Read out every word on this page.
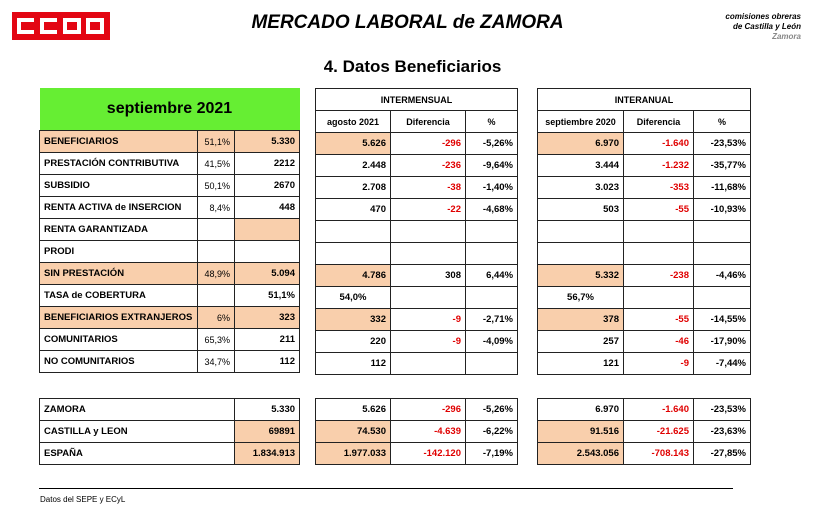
MERCADO LABORAL de ZAMORA	comisiones obreras
de Castilla y León
Zamora
4. Datos Beneficiarios
septiembre 2021		
BENEFICIARIOS	51,1%	5.330
PRESTACIÓN CONTRIBUTIVA	41,5%	2212
SUBSIDIO	50,1%	2670
RENTA ACTIVA de INSERCION	8,4%	448
RENTA GARANTIZADA		
PRODI		
SIN PRESTACIÓN	48,9%	5.094
TASA de COBERTURA		51,1%
BENEFICIARIOS EXTRANJEROS	6%	323
COMUNITARIOS	65,3%	211
NO COMUNITARIOS	34,7%	112
INTERMENSUAL		
agosto 2021	Diferencia	%
5.626	-296	-5,26%
2.448	-236	-9,64%
2.708	-38	-1,40%
470	-22	-4,68%

4.786	308	6,44%
54,0%		
332	-9	-2,71%
220	-9	-4,09%
112		
INTERANUAL		
septiembre 2020	Diferencia	%
6.970	-1.640	-23,53%
3.444	-1.232	-35,77%
3.023	-353	-11,68%
503	-55	-10,93%

5.332	-238	-4,46%
56,7%		
378	-55	-14,55%
257	-46	-17,90%
121	-9	-7,44%
ZAMORA	5.330
CASTILLA y LEON	69891
ESPAÑA	1.834.913
5.626	-296	-5,26%
74.530	-4.639	-6,22%
1.977.033	-142.120	-7,19%
6.970	-1.640	-23,53%
91.516	-21.625	-23,63%
2.543.056	-708.143	-27,85%
Datos del SEPE y ECyL
